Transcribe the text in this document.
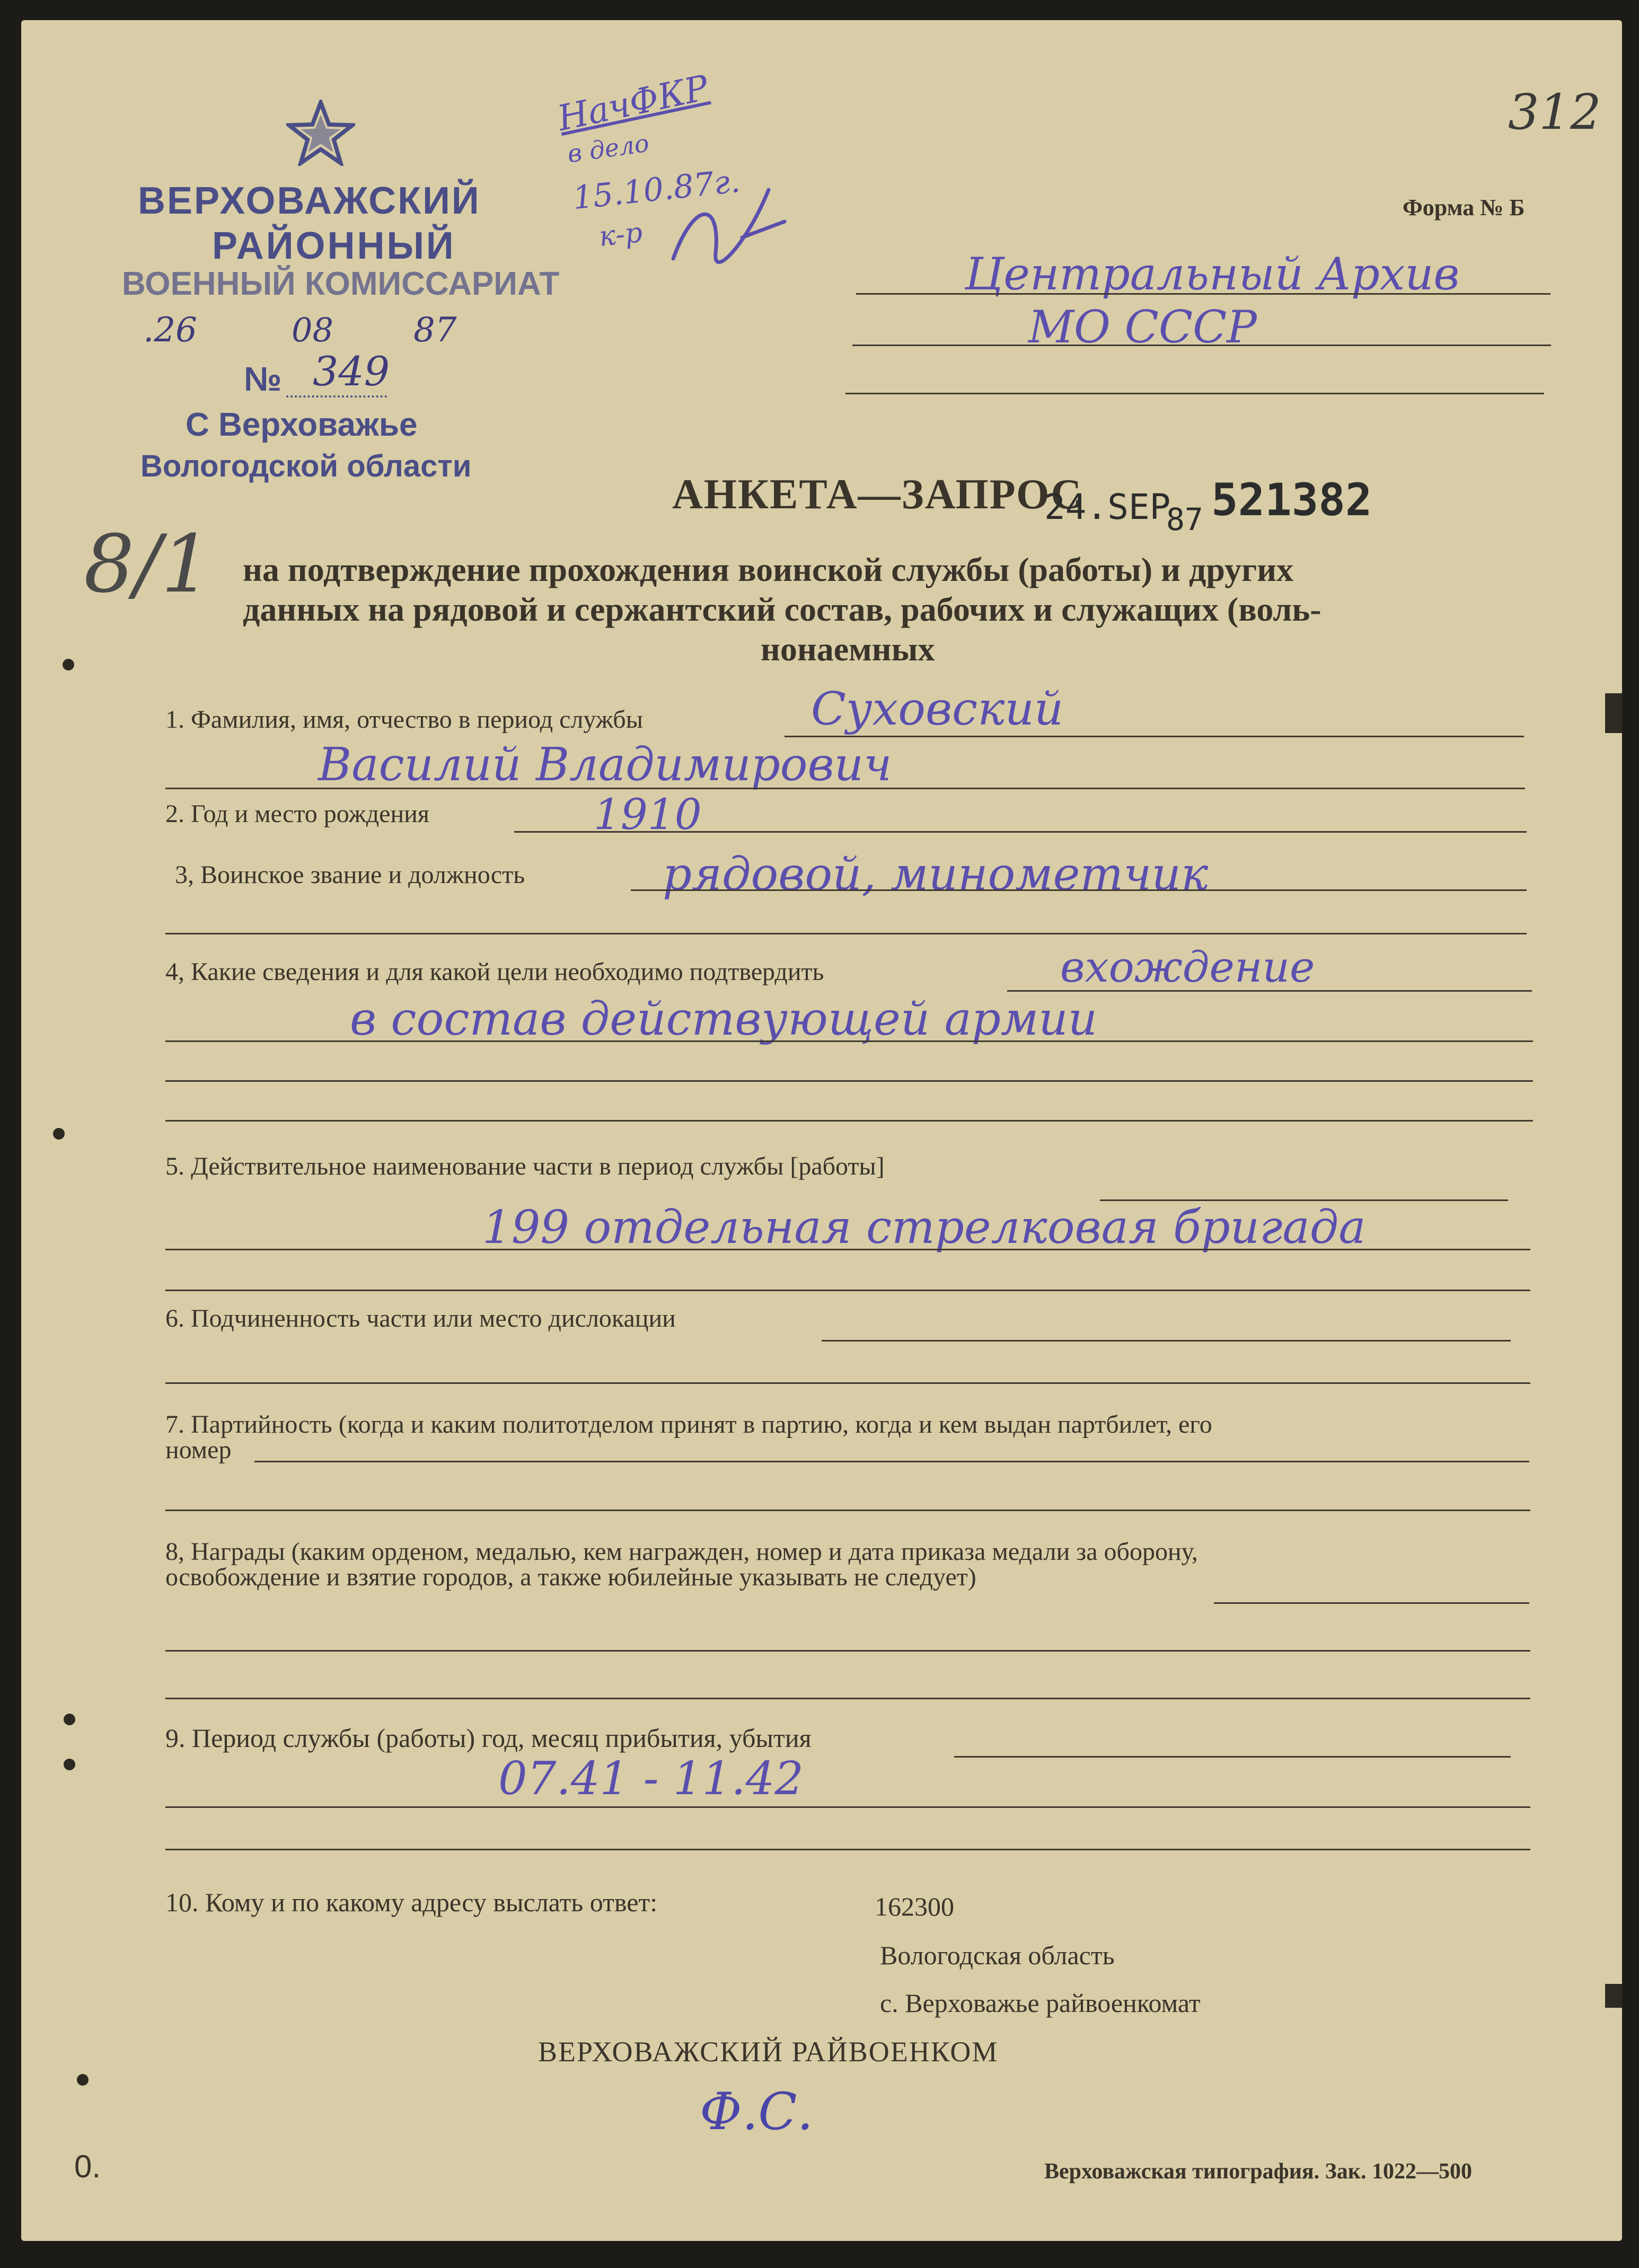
312
Форма № Б
НачФКР
в дело
15.10.87г.
к-р
8/1
ВЕРХОВАЖСКИЙ
РАЙОННЫЙ
ВОЕННЫЙ КОМИССАРИАТ
.26	08 87
№ 349
С Верховажье
Вологодской области
Центральный Архив
МО СССР
АНКЕТА—ЗАПРОС
24.SEP
87 521382
на подтверждение прохождения воинской службы (работы) и других
данных на рядовой и сержантский состав, рабочих и служащих (воль-
нонаемных
1. Фамилия, имя, отчество в период службы	Суховский
Василий Владимирович
2. Год и место рождения	1910
3, Воинское звание и должность	рядовой, минометчик
4, Какие сведения и для какой цели необходимо подтвердить	вхождение
в состав действующей армии
5. Действительное наименование части в период службы [работы]
199 отдельная стрелковая бригада
6. Подчиненность части или место дислокации
7. Партийность (когда и каким политотделом принят в партию, когда и кем выдан партбилет, его
номер
8, Награды (каким орденом, медалью, кем награжден, номер и дата приказа медали за оборону,
освобождение и взятие городов, а также юбилейные указывать не следует)
9. Период службы (работы) год, месяц прибытия, убытия
07.41 - 11.42
10. Кому и по какому адресу выслать ответ:	162300
Вологодская область
с. Верховажье райвоенкомат
ВЕРХОВАЖСКИЙ РАЙВОЕНКОМ
Ф.С.
Верховажская типография. Зак. 1022—500
0.
